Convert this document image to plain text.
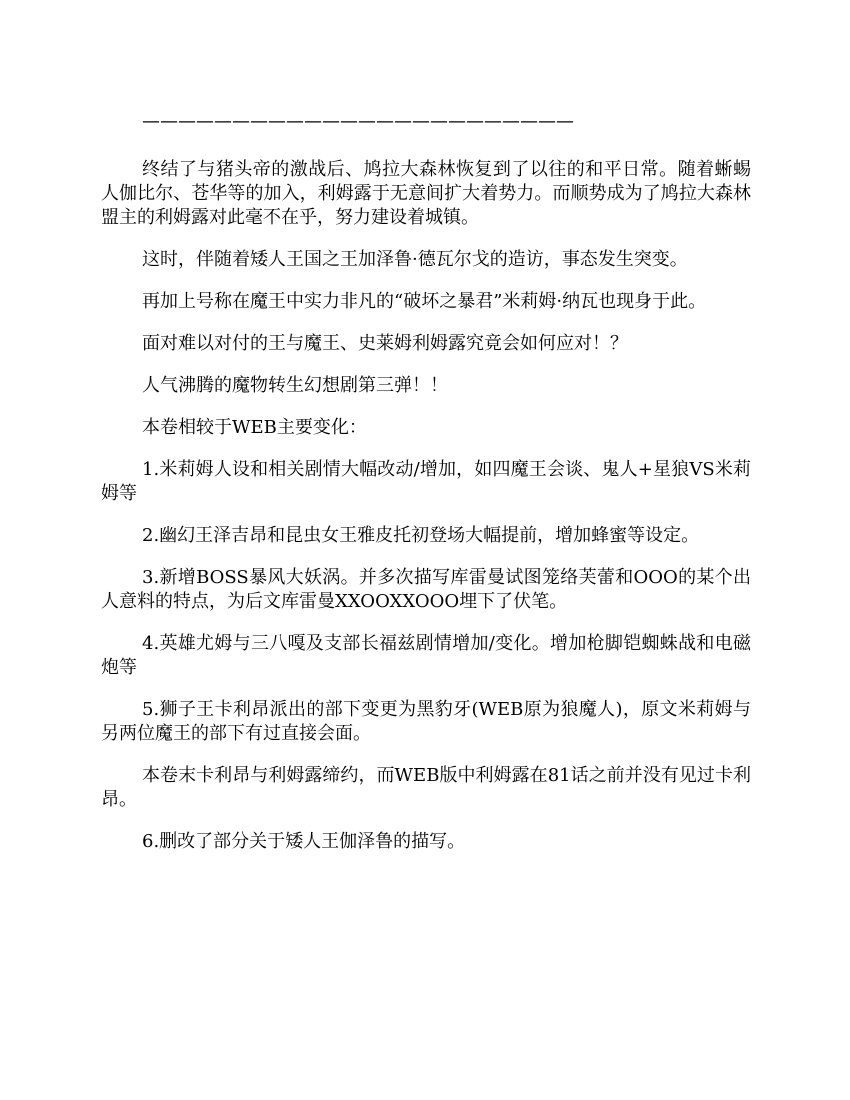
————————————————————————

终结了与猪头帝的激战后、鸠拉大森林恢复到了以往的和平日常。随着蜥蜴人伽比尔、苍华等的加入，利姆露于无意间扩大着势力。而顺势成为了鸠拉大森林盟主的利姆露对此毫不在乎，努力建设着城镇。

这时，伴随着矮人王国之王加泽鲁·德瓦尔戈的造访，事态发生突变。

再加上号称在魔王中实力非凡的“破坏之暴君”米莉姆·纳瓦也现身于此。

面对难以对付的王与魔王、史莱姆利姆露究竟会如何应对！？

人气沸腾的魔物转生幻想剧第三弹！！

本卷相较于WEB主要变化：

1.米莉姆人设和相关剧情大幅改动/增加，如四魔王会谈、鬼人+星狼VS米莉姆等

2.幽幻王泽吉昂和昆虫女王雅皮托初登场大幅提前，增加蜂蜜等设定。

3.新增BOSS暴风大妖涡。并多次描写库雷曼试图笼络芙蕾和OOO的某个出人意料的特点，为后文库雷曼XXOOXXOOO埋下了伏笔。

4.英雄尤姆与三八嘎及支部长福兹剧情增加/变化。增加枪脚铠蜘蛛战和电磁炮等

5.狮子王卡利昂派出的部下变更为黑豹牙(WEB原为狼魔人)，原文米莉姆与另两位魔王的部下有过直接会面。

本卷末卡利昂与利姆露缔约，而WEB版中利姆露在81话之前并没有见过卡利昂。

6.删改了部分关于矮人王伽泽鲁的描写。
